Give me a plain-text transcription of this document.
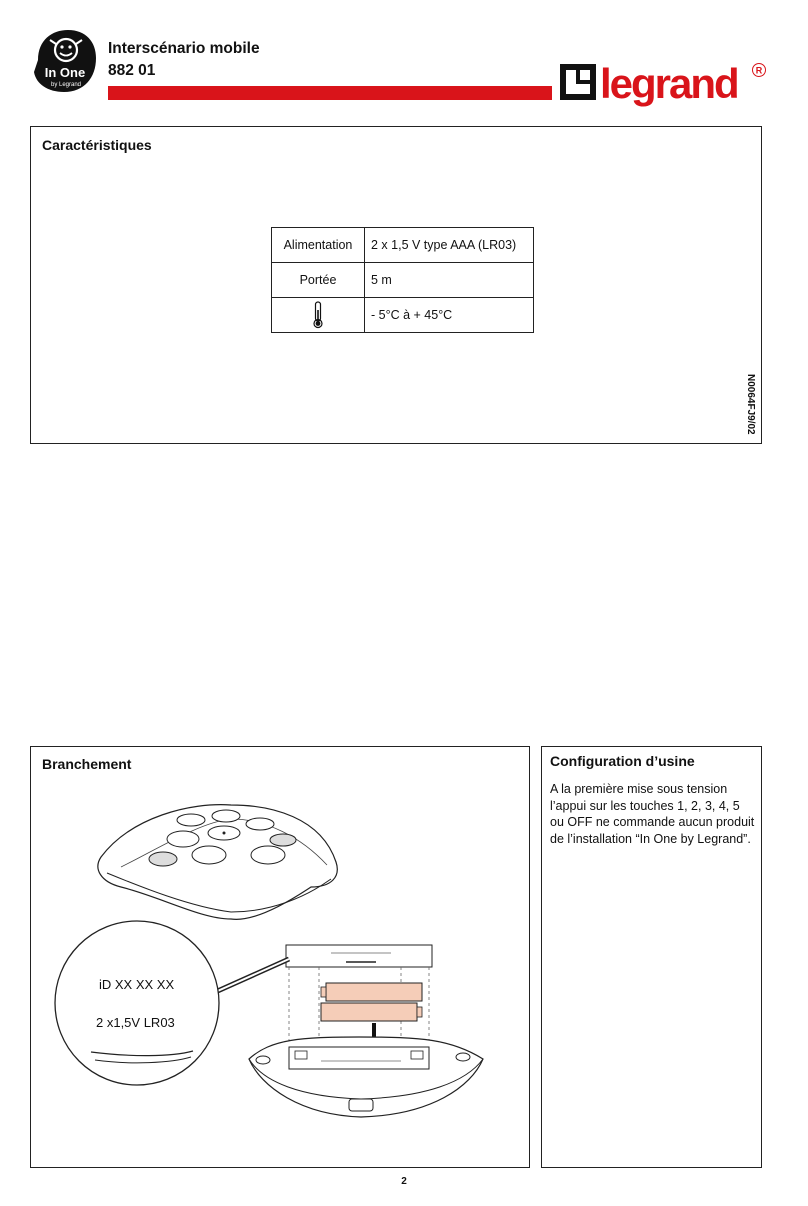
In One
by Legrand
Interscénario mobile
882 01	legrand R
Caractéristiques
Alimentation	2 x 1,5 V type AAA (LR03)
Portée	5 m
	- 5°C à + 45°C
N0064FJ9/02
Branchement
iD XX XX XX
2 x1,5V LR03
Configuration d’usine
A la première mise sous tension l’appui sur les touches 1, 2, 3, 4, 5 ou OFF ne commande aucun produit de l’installation “In One by Legrand”.
2
